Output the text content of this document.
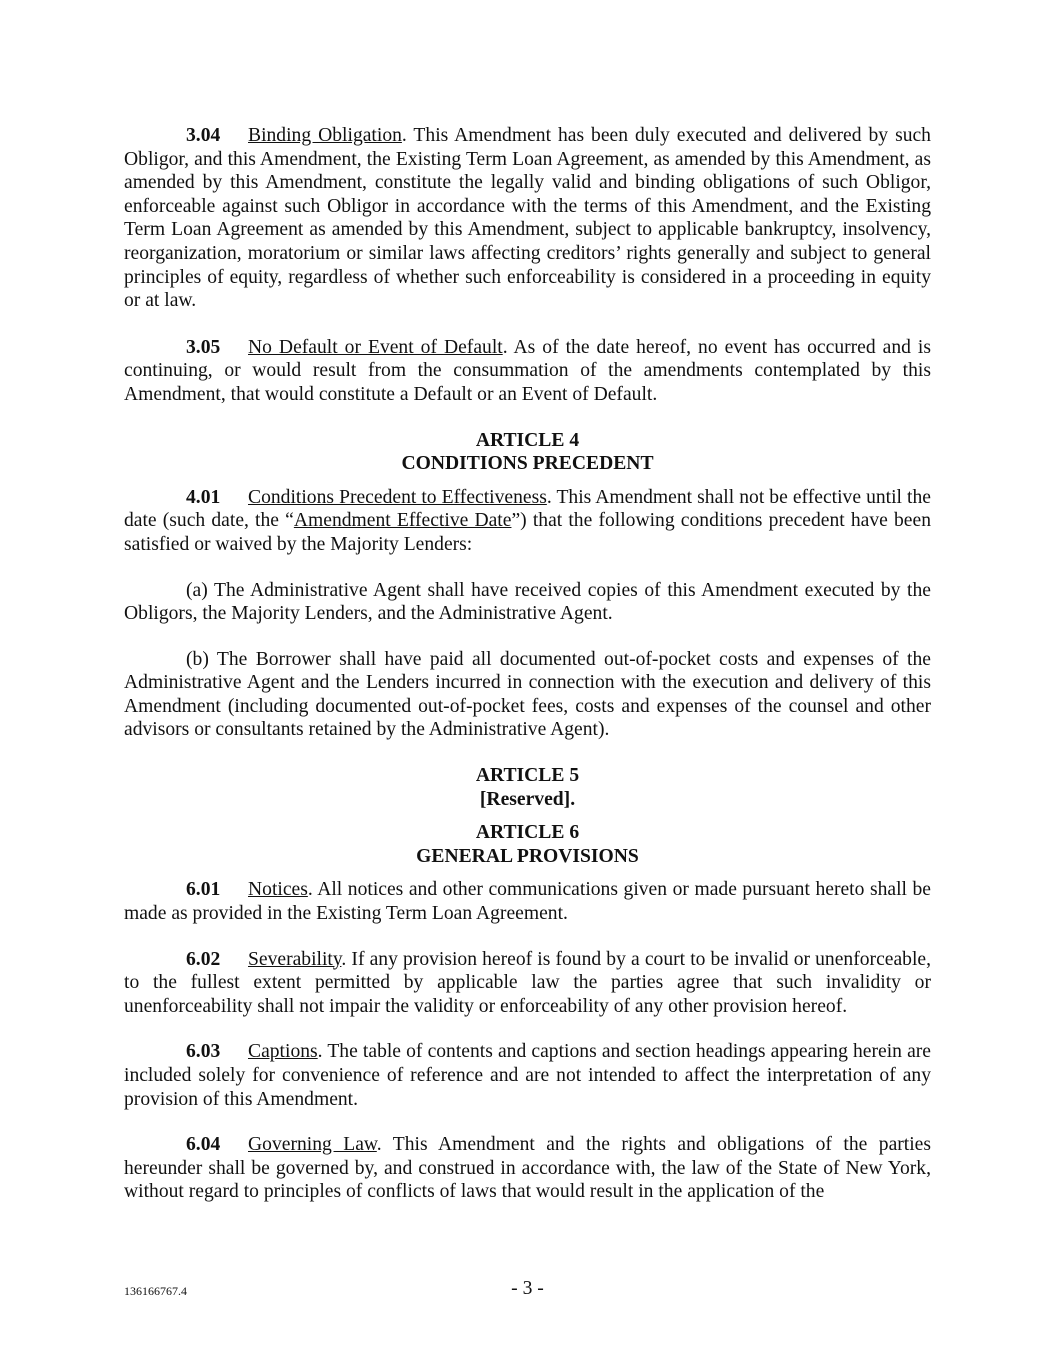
3.04 Binding Obligation. This Amendment has been duly executed and delivered by such Obligor, and this Amendment, the Existing Term Loan Agreement, as amended by this Amendment, as amended by this Amendment, constitute the legally valid and binding obligations of such Obligor, enforceable against such Obligor in accordance with the terms of this Amendment, and the Existing Term Loan Agreement as amended by this Amendment, subject to applicable bankruptcy, insolvency, reorganization, moratorium or similar laws affecting creditors’ rights generally and subject to general principles of equity, regardless of whether such enforceability is considered in a proceeding in equity or at law.

3.05 No Default or Event of Default. As of the date hereof, no event has occurred and is continuing, or would result from the consummation of the amendments contemplated by this Amendment, that would constitute a Default or an Event of Default.

ARTICLE 4

CONDITIONS PRECEDENT

4.01 Conditions Precedent to Effectiveness. This Amendment shall not be effective until the date (such date, the “Amendment Effective Date”) that the following conditions precedent have been satisfied or waived by the Majority Lenders:

(a) The Administrative Agent shall have received copies of this Amendment executed by the Obligors, the Majority Lenders, and the Administrative Agent.

(b) The Borrower shall have paid all documented out-of-pocket costs and expenses of the Administrative Agent and the Lenders incurred in connection with the execution and delivery of this Amendment (including documented out-of-pocket fees, costs and expenses of the counsel and other advisors or consultants retained by the Administrative Agent).

ARTICLE 5

[Reserved].

ARTICLE 6

GENERAL PROVISIONS

6.01 Notices. All notices and other communications given or made pursuant hereto shall be made as provided in the Existing Term Loan Agreement.

6.02 Severability. If any provision hereof is found by a court to be invalid or unenforceable, to the fullest extent permitted by applicable law the parties agree that such invalidity or unenforceability shall not impair the validity or enforceability of any other provision hereof.

6.03 Captions. The table of contents and captions and section headings appearing herein are included solely for convenience of reference and are not intended to affect the interpretation of any provision of this Amendment.

6.04 Governing Law. This Amendment and the rights and obligations of the parties hereunder shall be governed by, and construed in accordance with, the law of the State of New York, without regard to principles of conflicts of laws that would result in the application of the

136166767.4	- 3 -
